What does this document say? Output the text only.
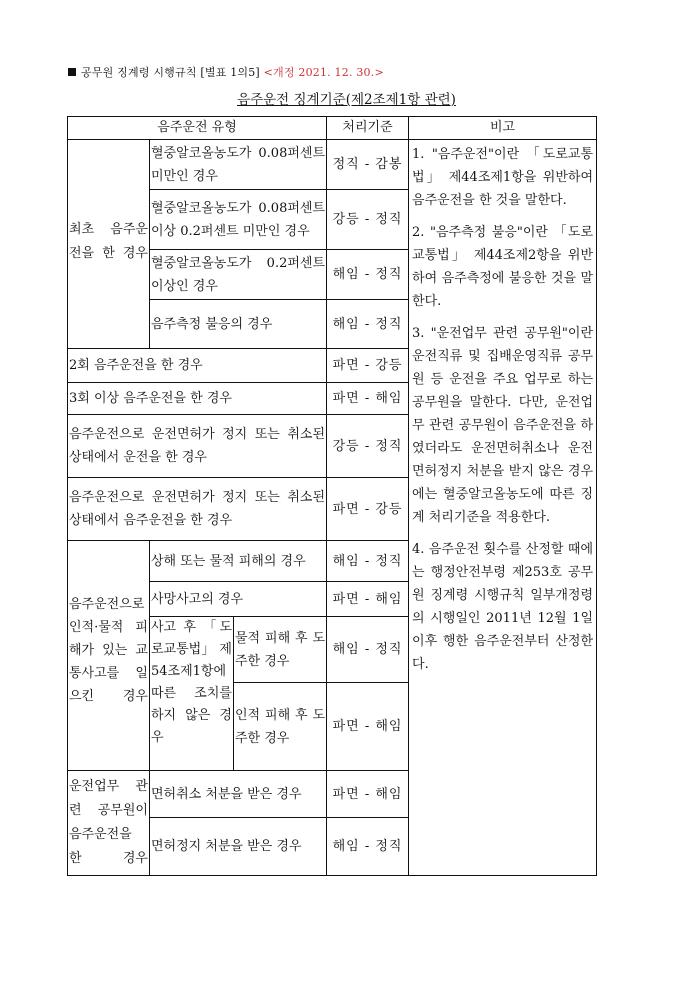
공무원 징계령 시행규칙 [별표 1의5] <개정 2021. 12. 30.>
음주운전 징계기준(제2조제1항 관련)
음주운전 유형			처리기준	비고
최초 음주운전을 한 경우	혈중알코올농도가 0.08퍼센트 미만인 경우		정직 - 감봉	1. "음주운전"이란 「도로교통법」 제44조제1항을 위반하여 음주운전을 한 것을 말한다.

2. "음주측정 불응"이란 「도로교통법」 제44조제2항을 위반하여 음주측정에 불응한 것을 말한다.

3. "운전업무 관련 공무원"이란 운전직류 및 집배운영직류 공무원 등 운전을 주요 업무로 하는 공무원을 말한다. 다만, 운전업무 관련 공무원이 음주운전을 하였더라도 운전면허취소나 운전면허정지 처분을 받지 않은 경우에는 혈중알코올농도에 따른 징계 처리기준을 적용한다.

4. 음주운전 횟수를 산정할 때에는 행정안전부령 제253호 공무원 징계령 시행규칙 일부개정령의 시행일인 2011년 12월 1일 이후 행한 음주운전부터 산정한다.

	혈중알코올농도가 0.08퍼센트 이상 0.2퍼센트 미만인 경우		강등 - 정직	
	혈중알코올농도가 0.2퍼센트 이상인 경우		해임 - 정직	
	음주측정 불응의 경우		해임 - 정직	
2회 음주운전을 한 경우			파면 - 강등	
3회 이상 음주운전을 한 경우			파면 - 해임	
음주운전으로 운전면허가 정지 또는 취소된 상태에서 운전을 한 경우			강등 - 정직	
음주운전으로 운전면허가 정지 또는 취소된 상태에서 음주운전을 한 경우			파면 - 강등	
음주운전으로 인적·물적 피해가 있는 교통사고를 일으킨 경우	상해 또는 물적 피해의 경우		해임 - 정직	
	사망사고의 경우		파면 - 해임	
	사고 후 「도로교통법」 제54조제1항에 따른 조치를 하지 않은 경우	물적 피해 후 도주한 경우	해임 - 정직	

		인적 피해 후 도주한 경우	파면 - 해임	

운전업무 관련 공무원이 음주운전을 한 경우	면허취소 처분을 받은 경우		파면 - 해임	
	면허정지 처분을 받은 경우		해임 - 정직	
